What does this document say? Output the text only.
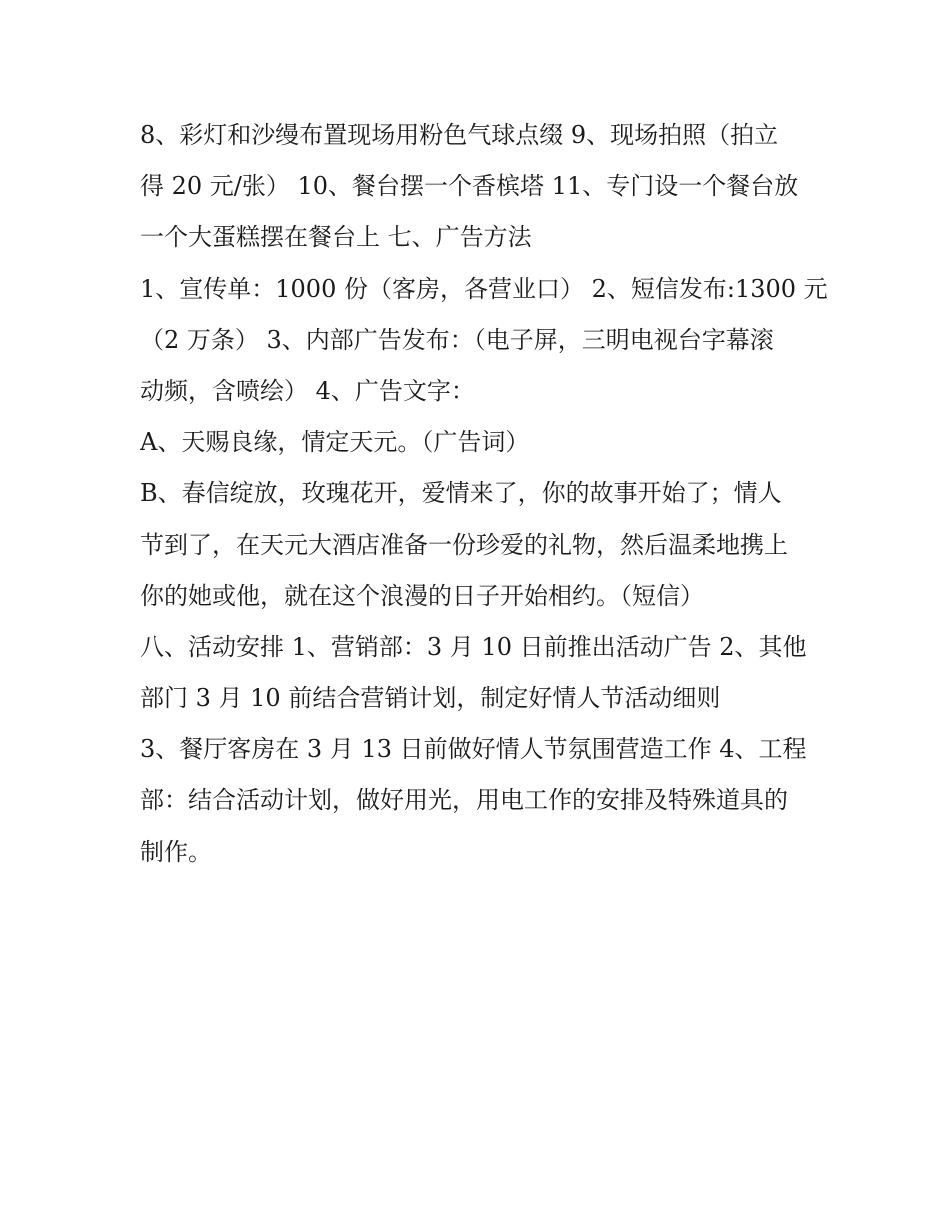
8、彩灯和沙缦布置现场用粉色气球点缀 9、现场拍照（拍立
得 20 元/张） 10、餐台摆一个香槟塔 11、专门设一个餐台放
一个大蛋糕摆在餐台上 七、广告方法
1、宣传单：1000 份（客房，各营业口） 2、短信发布:1300 元
（2 万条） 3、内部广告发布：（电子屏，三明电视台字幕滚
动频，含喷绘） 4、广告文字：
A、天赐良缘，情定天元。（广告词）
B、春信绽放，玫瑰花开，爱情来了，你的故事开始了；情人
节到了，在天元大酒店准备一份珍爱的礼物，然后温柔地携上
你的她或他，就在这个浪漫的日子开始相约。（短信）
八、活动安排 1、营销部：3 月 10 日前推出活动广告 2、其他
部门 3 月 10 前结合营销计划，制定好情人节活动细则
3、餐厅客房在 3 月 13 日前做好情人节氛围营造工作 4、工程
部：结合活动计划，做好用光，用电工作的安排及特殊道具的
制作。
